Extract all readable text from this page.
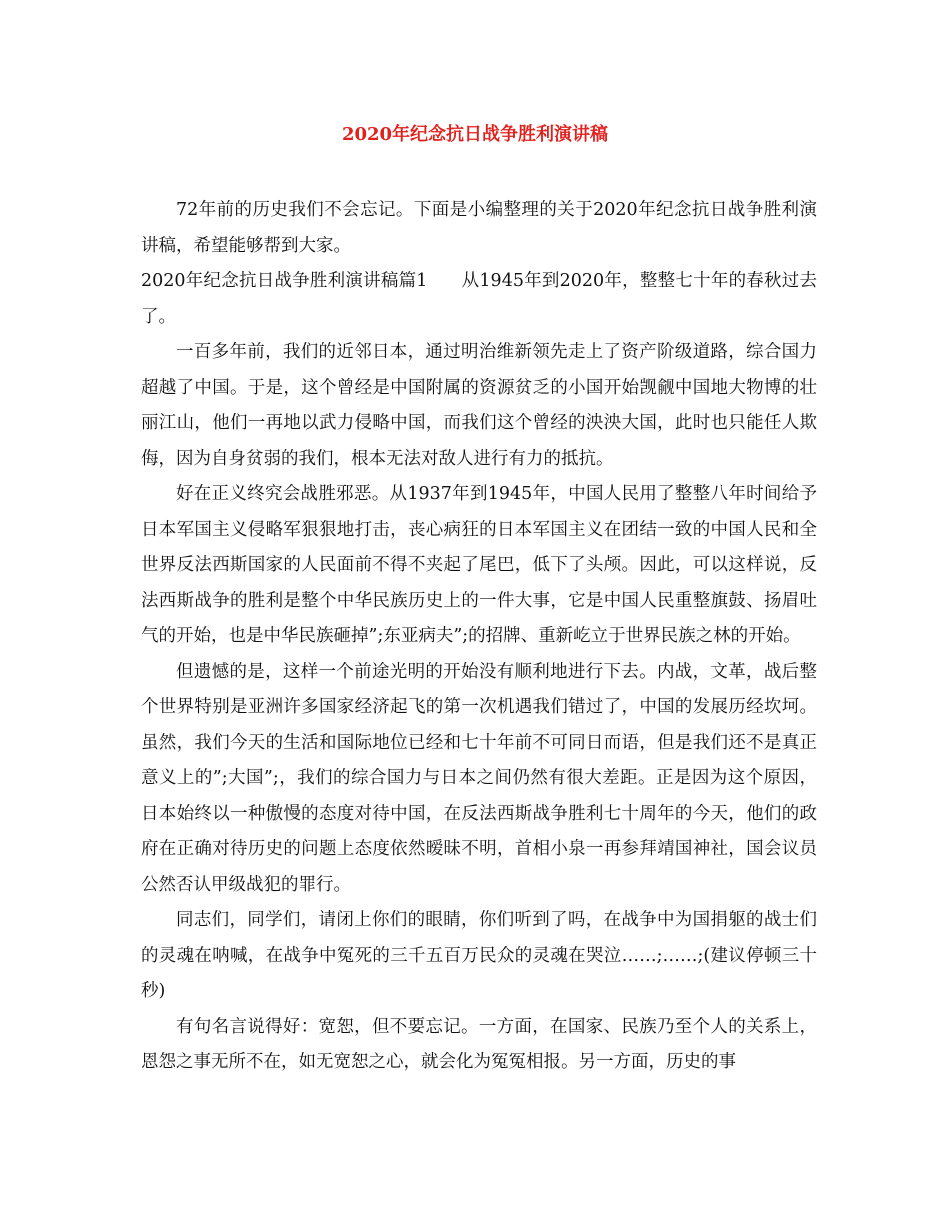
2020年纪念抗日战争胜利演讲稿

72年前的历史我们不会忘记。下面是小编整理的关于2020年纪念抗日战争胜利演讲稿，希望能够帮到大家。

2020年纪念抗日战争胜利演讲稿篇1 从1945年到2020年，整整七十年的春秋过去了。

一百多年前，我们的近邻日本，通过明治维新领先走上了资产阶级道路，综合国力超越了中国。于是，这个曾经是中国附属的资源贫乏的小国开始觊觎中国地大物博的壮丽江山，他们一再地以武力侵略中国，而我们这个曾经的泱泱大国，此时也只能任人欺侮，因为自身贫弱的我们，根本无法对敌人进行有力的抵抗。

好在正义终究会战胜邪恶。从1937年到1945年，中国人民用了整整八年时间给予日本军国主义侵略军狠狠地打击，丧心病狂的日本军国主义在团结一致的中国人民和全世界反法西斯国家的人民面前不得不夹起了尾巴，低下了头颅。因此，可以这样说，反法西斯战争的胜利是整个中华民族历史上的一件大事，它是中国人民重整旗鼓、扬眉吐气的开始，也是中华民族砸掉”;东亚病夫”;的招牌、重新屹立于世界民族之林的开始。

但遗憾的是，这样一个前途光明的开始没有顺利地进行下去。内战，文革，战后整个世界特别是亚洲许多国家经济起飞的第一次机遇我们错过了，中国的发展历经坎坷。虽然，我们今天的生活和国际地位已经和七十年前不可同日而语，但是我们还不是真正意义上的”;大国”;，我们的综合国力与日本之间仍然有很大差距。正是因为这个原因，日本始终以一种傲慢的态度对待中国，在反法西斯战争胜利七十周年的今天，他们的政府在正确对待历史的问题上态度依然暧昧不明，首相小泉一再参拜靖国神社，国会议员公然否认甲级战犯的罪行。

同志们，同学们，请闭上你们的眼睛，你们听到了吗，在战争中为国捐躯的战士们的灵魂在呐喊，在战争中冤死的三千五百万民众的灵魂在哭泣……;……;(建议停顿三十秒)

有句名言说得好：宽恕，但不要忘记。一方面，在国家、民族乃至个人的关系上，恩怨之事无所不在，如无宽恕之心，就会化为冤冤相报。另一方面，历史的事
